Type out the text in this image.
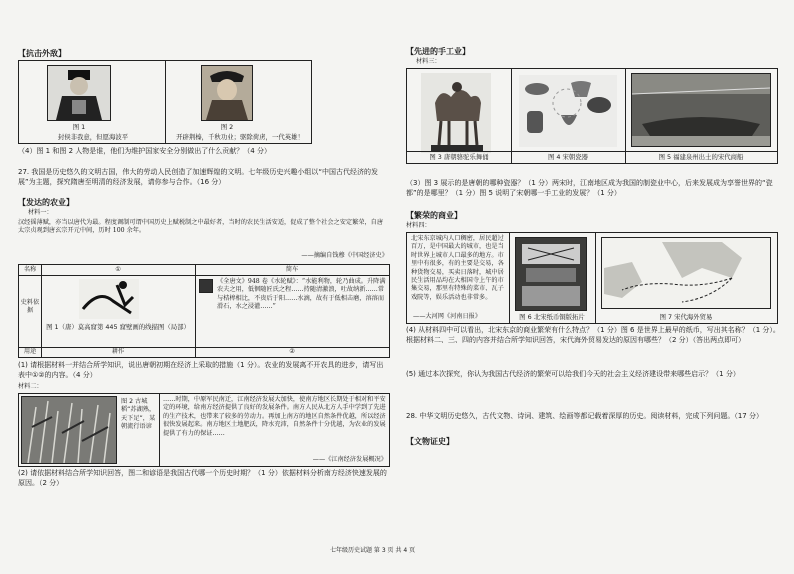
【抗击外敌】
图 1
封侯非我意，但愿海波平
图 2
开辟荆榛，千秋功业；驱除荷虏，一代英雄！
（4）图 1 和图 2 人物是谁，他们为维护国家安全分别做出了什么贡献？（4 分）
27. 我国是历史悠久的文明古国，伟大的劳动人民创造了加速辉煌的文明。七年级历史兴趣小组以“中国古代经济的发展”为主题，探究隋唐至明清的经济发展，请你参与合作。（16 分）
【发达的农业】
材料一：
汉经徭薄赋，亦当以唐代为最。程度调制可谓中国历史上赋税制之中最好者，当时的农民生活安适，促成了整个社会之安定繁荣，自唐太宗贞观到唐玄宗开元中间，历时 100 余年。
——摘编自钱穆《中国经济史》
名称	①	简车
史料依据
图 1（唐）莫高窟第 445 窟壁画的线描图（局部）
《全唐文》948 卷《水轮赋》：“水能利物，轮乃曲成。升降满农夫之用，低徊随匠氏之程……持随清激浪，吐故纳新……常与桔槔相比，不贵后于阳……水滴，故有于低相击磨，溶溶而滑石，水之浸灌……”
用途	耕作	②
(1) 请根据材料一并结合所学知识，说出唐朝初期在经济上采取的措施（1 分）。农业的发展离不开农具的进步，请写出表中①②的内容。（4 分）
材料二：
图 2 古城稻“苏湖熟，天下足”，某朝流行语谚
……时期，中原军民南迁，江南经济发展大加快，使南方地区长期处于相对和平安定的环境，给南方经济提供了良好的发展条件。南方人民从北方人手中学到了先进的生产技术，也带来了较多的劳动力。再加上南方的地区自然条件优越，所以经济很快发展起来。南方地区土地肥沃，降水充沛，自然条件十分优越，为农业的发展提供了有力的保证……
——《江南经济发展概况》
(2) 请依据材料结合所学知识回答，图二和谚语是我国古代哪一个历史时期？（1 分）依据材料分析南方经济快速发展的原因。（2 分）
【先进的手工业】
材料三：
图 3 唐朝骆驼乐舞俑	图 4 宋朝瓷器	图 5 福建泉州出土的宋代商船
（3）图 3 展示的是唐朝的哪种瓷器？（1 分）两宋时，江南地区成为我国的制瓷业中心，后来发展成为享誉世界的“瓷都”的是哪里？（1 分）图 5 说明了宋朝哪一手工业的发展？（1 分）
【繁荣的商业】
材料四：
北宋东京城内人口稠密，居民超过百万，是中国最大的城市，也是当时世界上城市人口最多的地方。市里中有很多，有的主要是交易，各种货物交易，买卖日落时，城中居民生活用品均在大相国寺上午的市集交易，那里有特殊的菜市、瓦子戏院等，娱乐活动也非常多。
——大河网《河南日报》	图 6 北宋纸币铜版拓片	图 7 宋代海外贸易
(4) 从材料四中可以看出，北宋东京的商业繁荣有什么特点？（1 分）图 6 是世界上最早的纸币，写出其名称？（1 分）。根据材料二、三、四的内容并结合所学知识回答，宋代海外贸易发达的原因有哪些？（2 分）（答出两点即可）
(5) 通过本次探究，你认为我国古代经济的繁荣可以给我们今天的社会主义经济建设带来哪些启示？（1 分）
28. 中华文明历史悠久，古代文物、诗词、建筑、绘画等都记载着深厚的历史。阅读材料，完成下列问题。（17 分）
【文物证史】
七年级历史试题 第 3 页 共 4 页
